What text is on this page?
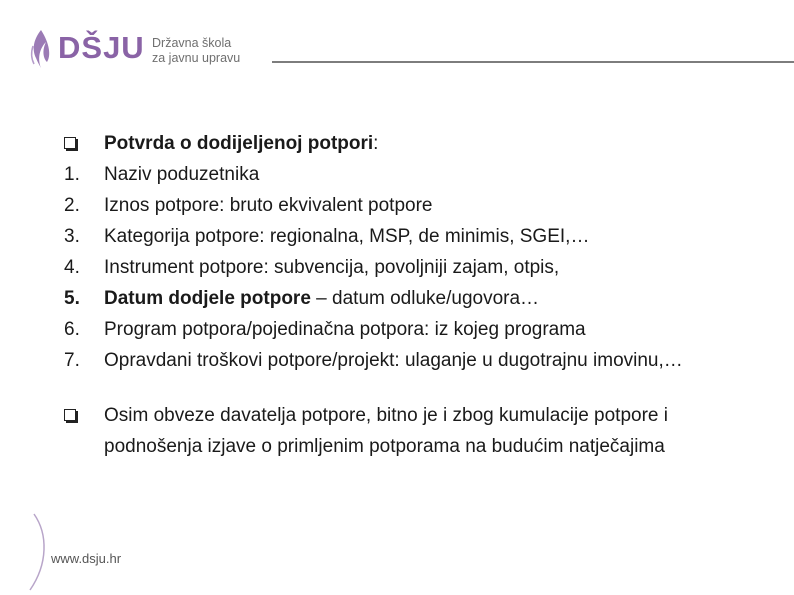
DŠJU Državna škola
za javnu upravu
Potvrda o dodijeljenoj potpori:
1.	Naziv poduzetnika
2.	Iznos potpore: bruto ekvivalent potpore
3.	Kategorija potpore: regionalna, MSP, de minimis, SGEI,…
4.	Instrument potpore: subvencija, povoljniji zajam, otpis,
5.	Datum dodjele potpore – datum odluke/ugovora…
6.	Program potpora/pojedinačna potpora: iz kojeg programa
7.	Opravdani troškovi potpore/projekt: ulaganje u dugotrajnu imovinu,…
Osim obveze davatelja potpore, bitno je i zbog kumulacije potpore i podnošenja izjave o primljenim potporama na budućim natječajima
www.dsju.hr
